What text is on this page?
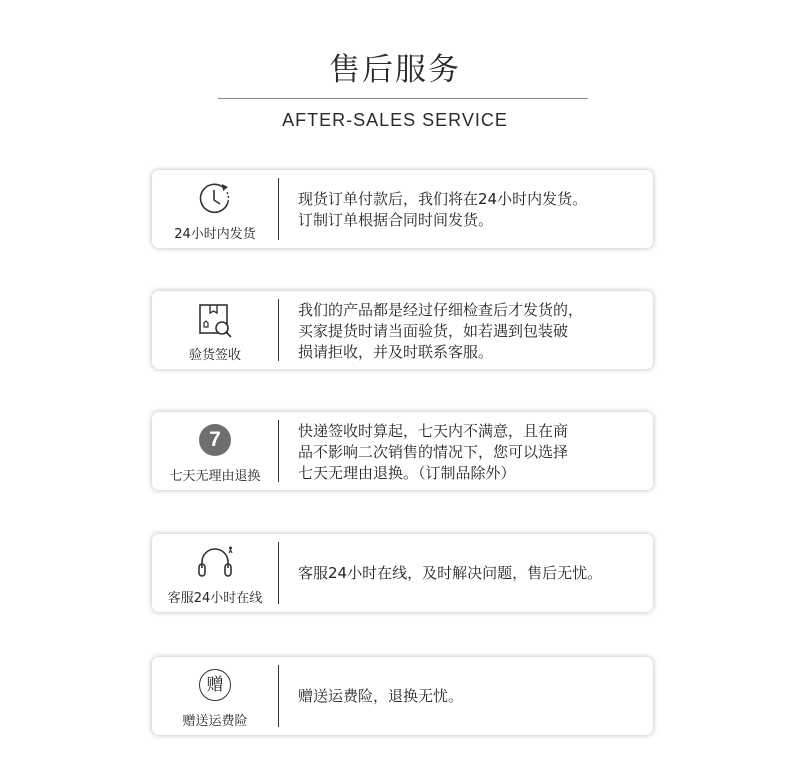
售后服务
AFTER-SALES SERVICE
24小时内发货
现货订单付款后，我们将在24小时内发货。
订制订单根据合同时间发货。
验货签收
我们的产品都是经过仔细检查后才发货的，
买家提货时请当面验货，如若遇到包装破
损请拒收，并及时联系客服。
7
七天无理由退换
快递签收时算起，七天内不满意，且在商
品不影响二次销售的情况下，您可以选择
七天无理由退换。（订制品除外）
客服24小时在线
客服24小时在线，及时解决问题，售后无忧。
赠
赠送运费险
赠送运费险，退换无忧。
